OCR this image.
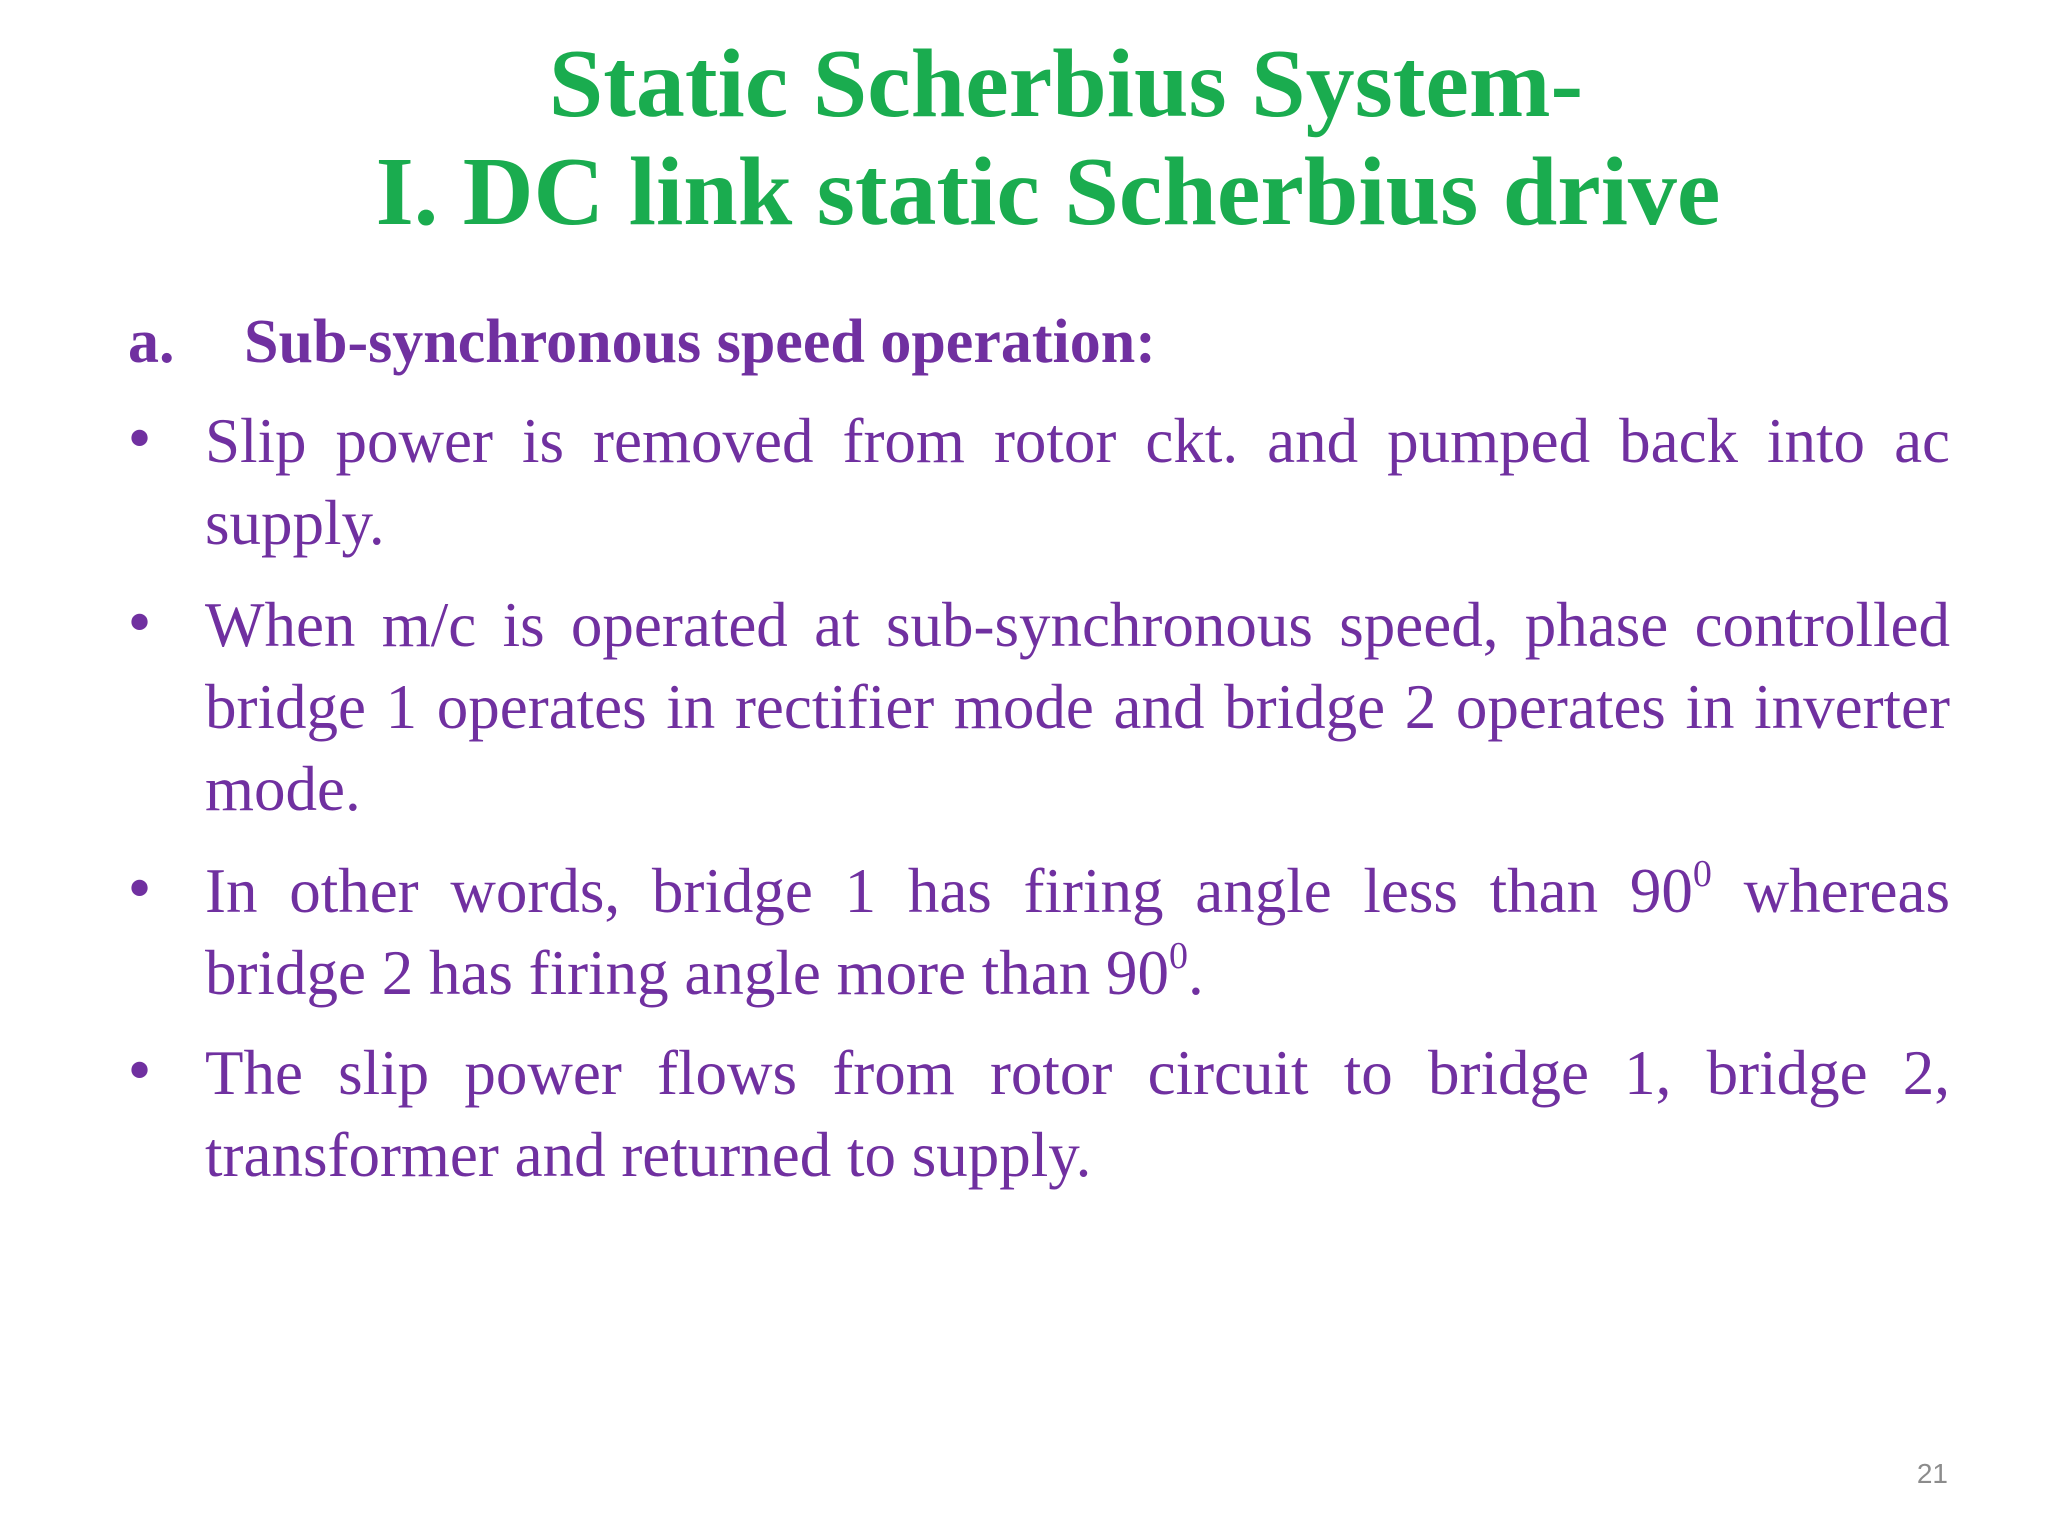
Static Scherbius System-
I. DC link static Scherbius drive
a. Sub-synchronous speed operation:
• Slip power is removed from rotor ckt. and pumped back into ac supply.
• When m/c is operated at sub-synchronous speed, phase controlled bridge 1 operates in rectifier mode and bridge 2 operates in inverter mode.
• In other words, bridge 1 has firing angle less than $90^0$ whereas bridge 2 has firing angle more than $90^0$.
• The slip power flows from rotor circuit to bridge 1, bridge 2, transformer and returned to supply.
21
